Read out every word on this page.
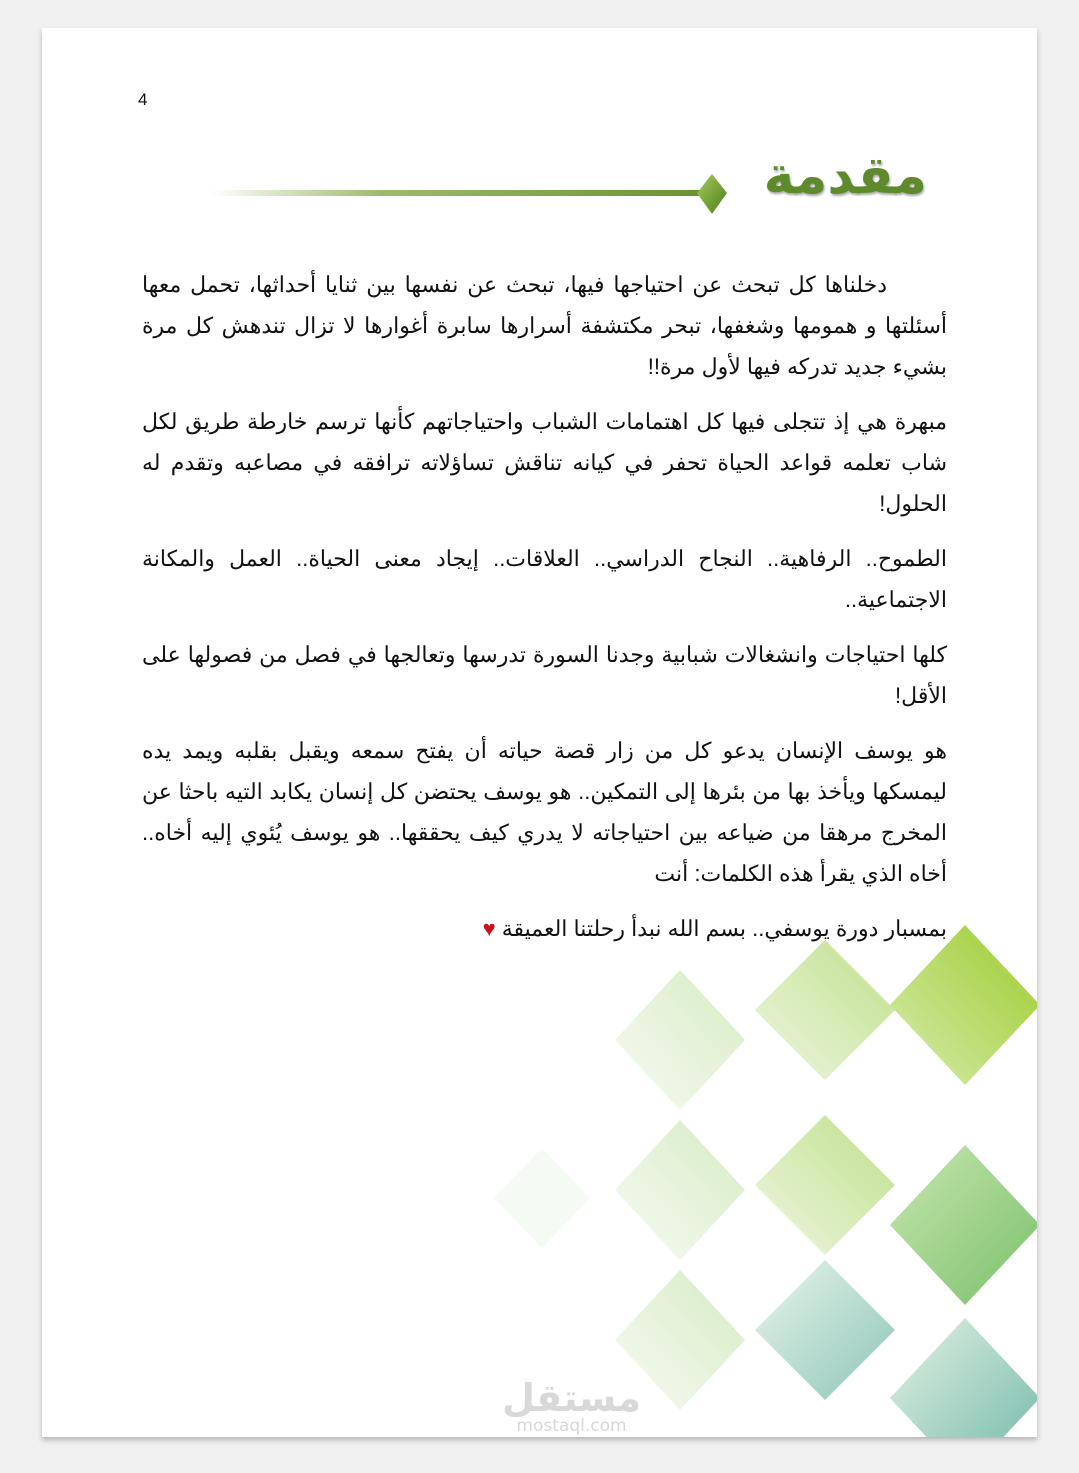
4
مقدمة

دخلناها كل تبحث عن احتياجها فيها، تبحث عن نفسها بين ثنايا أحداثها، تحمل معها أسئلتها و همومها وشغفها، تبحر مكتشفة أسرارها سابرة أغوارها لا تزال تندهش كل مرة بشيء جديد تدركه فيها لأول مرة!!

مبهرة هي إذ تتجلى فيها كل اهتمامات الشباب واحتياجاتهم كأنها ترسم خارطة طريق لكل شاب تعلمه قواعد الحياة تحفر في كيانه تناقش تساؤلاته ترافقه في مصاعبه وتقدم له الحلول!

الطموح.. الرفاهية.. النجاح الدراسي.. العلاقات.. إيجاد معنى الحياة.. العمل والمكانة الاجتماعية..

كلها احتياجات وانشغالات شبابية وجدنا السورة تدرسها وتعالجها في فصل من فصولها على الأقل!

هو يوسف الإنسان يدعو كل من زار قصة حياته أن يفتح سمعه ويقبل بقلبه ويمد يده ليمسكها ويأخذ بها من بئرها إلى التمكين.. هو يوسف يحتضن كل إنسان يكابد التيه باحثا عن المخرج مرهقا من ضياعه بين احتياجاته لا يدري كيف يحققها.. هو يوسف يُئوي إليه أخاه.. أخاه الذي يقرأ هذه الكلمات: أنت

بمسبار دورة يوسفي.. بسم الله نبدأ رحلتنا العميقة♥

مستقل
mostaql.com
